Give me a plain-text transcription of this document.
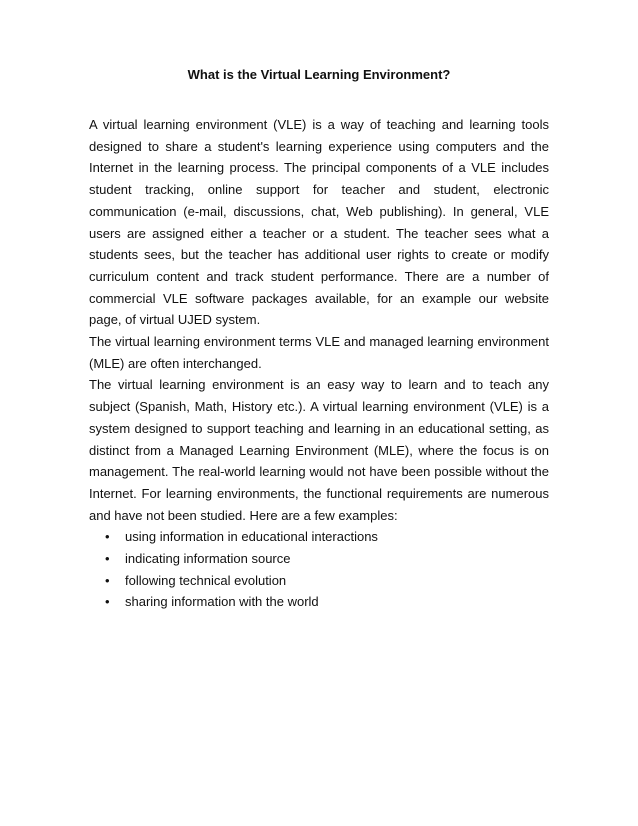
What is the Virtual Learning Environment?

A virtual learning environment (VLE) is a way of teaching and learning tools designed to share a student's learning experience using computers and the Internet in the learning process. The principal components of a VLE includes student tracking, online support for teacher and student, electronic communication (e-mail, discussions, chat, Web publishing). In general, VLE users are assigned either a teacher or a student. The teacher sees what a students sees, but the teacher has additional user rights to create or modify curriculum content and track student performance. There are a number of commercial VLE software packages available, for an example our website page, of virtual UJED system.

The virtual learning environment terms VLE and managed learning environment (MLE) are often interchanged.

The virtual learning environment is an easy way to learn and to teach any subject (Spanish, Math, History etc.). A virtual learning environment (VLE) is a system designed to support teaching and learning in an educational setting, as distinct from a Managed Learning Environment (MLE), where the focus is on management. The real-world learning would not have been possible without the Internet. For learning environments, the functional requirements are numerous and have not been studied. Here are a few examples:

• using information in educational interactions
• indicating information source
• following technical evolution
• sharing information with the world
